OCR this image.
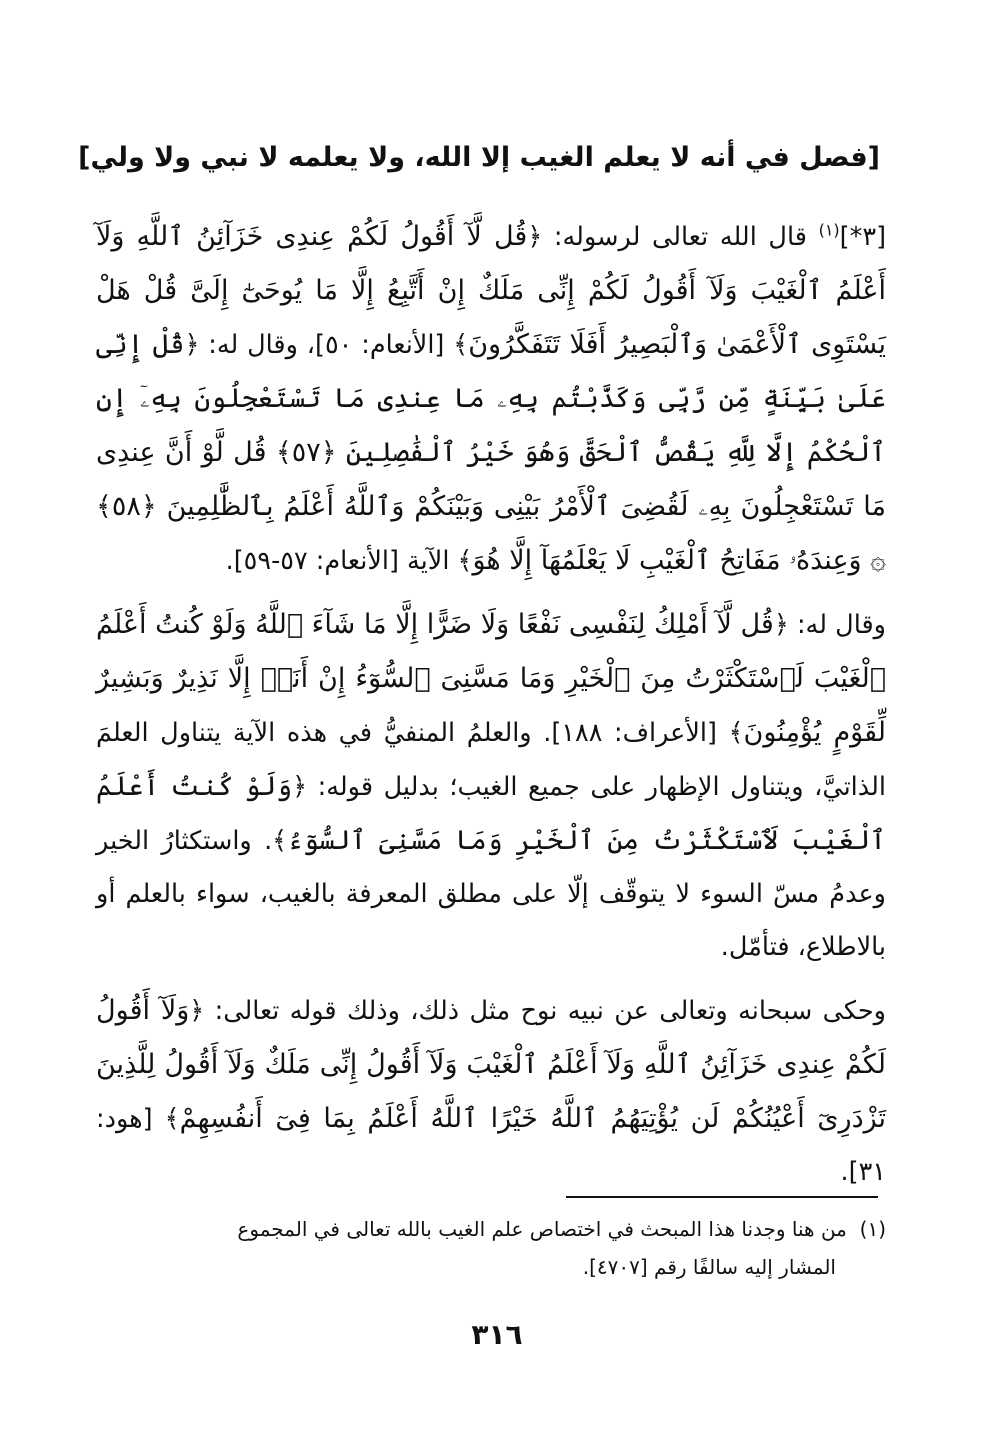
[فصل في أنه لا يعلم الغيب إلا الله، ولا يعلمه لا نبي ولا ولي]

[٣*]$^{(١)}$ قال الله تعالى لرسوله: ﴿قُل لَّآ أَقُولُ لَكُمْ عِندِى خَزَآئِنُ ٱللَّهِ وَلَآ أَعْلَمُ ٱلْغَيْبَ وَلَآ أَقُولُ لَكُمْ إِنِّى مَلَكٌ إِنْ أَتَّبِعُ إِلَّا مَا يُوحَىٰٓ إِلَىَّ قُلْ هَلْ يَسْتَوِى ٱلْأَعْمَىٰ وَٱلْبَصِيرُ أَفَلَا تَتَفَكَّرُونَ﴾ [الأنعام: ٥٠]، وقال له: ﴿قُلْ إِنِّى عَلَىٰ بَيِّنَةٍ مِّن رَّبِّى وَكَذَّبْتُم بِهِۦ مَا عِندِى مَا تَسْتَعْجِلُونَ بِهِۦٓ إِنِ ٱلْحُكْمُ إِلَّا لِلَّهِ يَقُصُّ ٱلْحَقَّ وَهُوَ خَيْرُ ٱلْفَٰصِلِينَ ﴿٥٧﴾ قُل لَّوْ أَنَّ عِندِى مَا تَسْتَعْجِلُونَ بِهِۦ لَقُضِىَ ٱلْأَمْرُ بَيْنِى وَبَيْنَكُمْ وَٱللَّهُ أَعْلَمُ بِٱلظَّٰلِمِينَ ﴿٥٨﴾ ۞ وَعِندَهُۥ مَفَاتِحُ ٱلْغَيْبِ لَا يَعْلَمُهَآ إِلَّا هُوَ﴾ الآية [الأنعام: ٥٧-٥٩].

وقال له: ﴿قُل لَّآ أَمْلِكُ لِنَفْسِى نَفْعًا وَلَا ضَرًّا إِلَّا مَا شَآءَ ٱللَّهُ وَلَوْ كُنتُ أَعْلَمُ ٱلْغَيْبَ لَٱسْتَكْثَرْتُ مِنَ ٱلْخَيْرِ وَمَا مَسَّنِىَ ٱلسُّوٓءُ إِنْ أَنَا۠ إِلَّا نَذِيرٌ وَبَشِيرٌ لِّقَوْمٍ يُؤْمِنُونَ﴾ [الأعراف: ١٨٨]. والعلمُ المنفيُّ في هذه الآية يتناول العلمَ الذاتيَّ، ويتناول الإظهار على جميع الغيب؛ بدليل قوله: ﴿وَلَوْ كُنتُ أَعْلَمُ ٱلْغَيْبَ لَٱسْتَكْثَرْتُ مِنَ ٱلْخَيْرِ وَمَا مَسَّنِىَ ٱلسُّوٓءُ﴾. واستكثارُ الخير وعدمُ مسّ السوء لا يتوقّف إلّا على مطلق المعرفة بالغيب، سواء بالعلم أو بالاطلاع، فتأمّل.

وحكى سبحانه وتعالى عن نبيه نوح مثل ذلك، وذلك قوله تعالى: ﴿وَلَآ أَقُولُ لَكُمْ عِندِى خَزَآئِنُ ٱللَّهِ وَلَآ أَعْلَمُ ٱلْغَيْبَ وَلَآ أَقُولُ إِنِّى مَلَكٌ وَلَآ أَقُولُ لِلَّذِينَ تَزْدَرِىٓ أَعْيُنُكُمْ لَن يُؤْتِيَهُمُ ٱللَّهُ خَيْرًا ٱللَّهُ أَعْلَمُ بِمَا فِىٓ أَنفُسِهِمْ﴾ [هود: ٣١].

(١)  من هنا وجدنا هذا المبحث في اختصاص علم الغيب بالله تعالى في المجموع
المشار إليه سالفًا رقم [٤٧٠٧].
٣١٦
